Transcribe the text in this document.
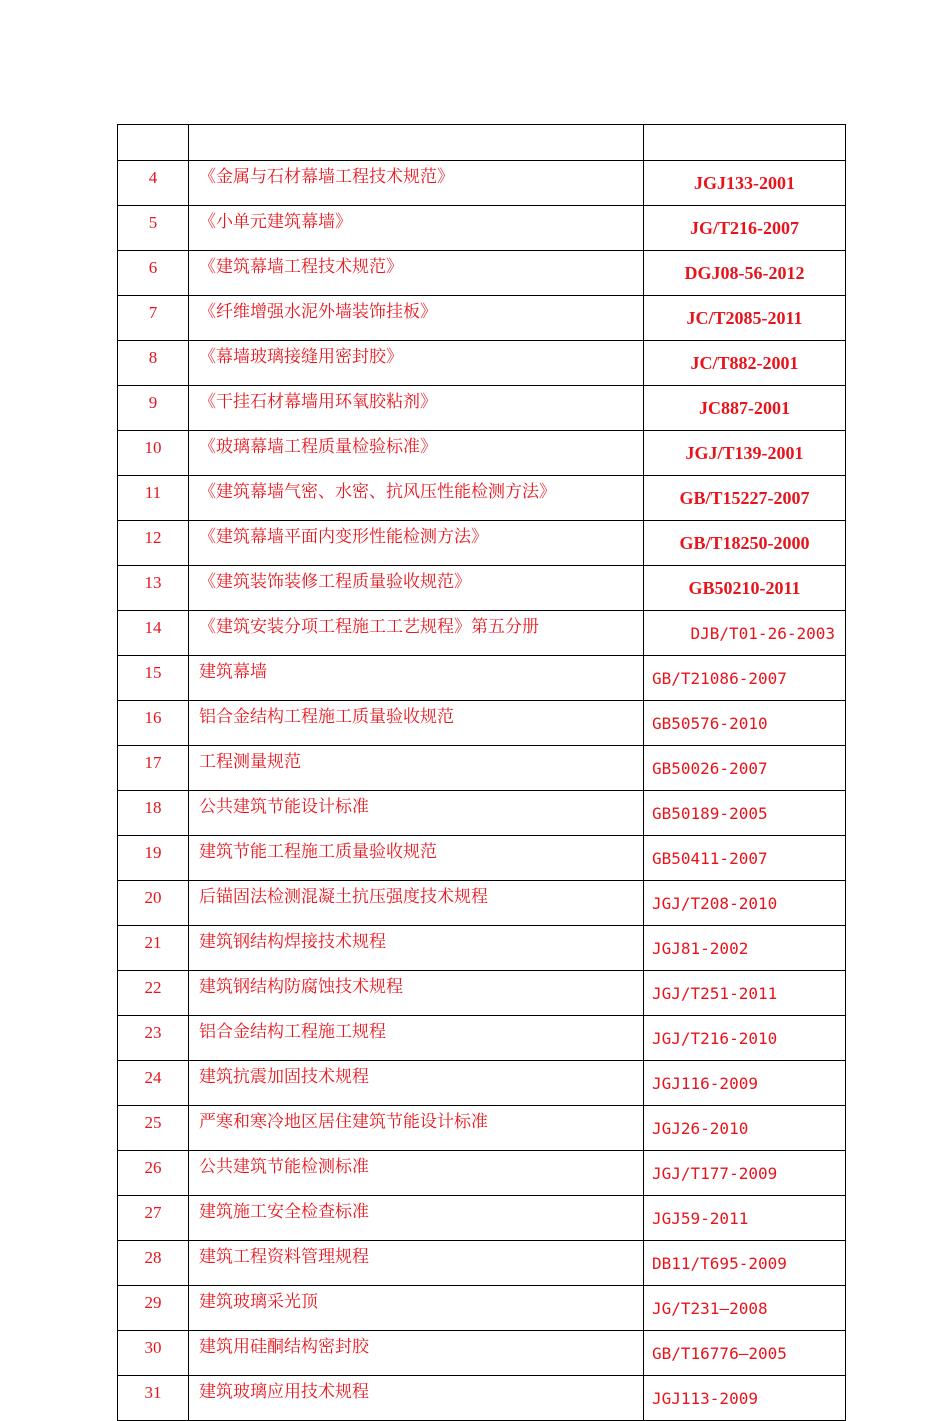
4	《金属与石材幕墙工程技术规范》	JGJ133-2001
5	《小单元建筑幕墙》	JG/T216-2007
6	《建筑幕墙工程技术规范》	DGJ08-56-2012
7	《纤维增强水泥外墙装饰挂板》	JC/T2085-2011
8	《幕墙玻璃接缝用密封胶》	JC/T882-2001
9	《干挂石材幕墙用环氧胶粘剂》	JC887-2001
10	《玻璃幕墙工程质量检验标准》	JGJ/T139-2001
11	《建筑幕墙气密、水密、抗风压性能检测方法》	GB/T15227-2007
12	《建筑幕墙平面内变形性能检测方法》	GB/T18250-2000
13	《建筑装饰装修工程质量验收规范》	GB50210-2011
14	《建筑安装分项工程施工工艺规程》第五分册	DJB/T01-26-2003
15	建筑幕墙	GB/T21086-2007
16	铝合金结构工程施工质量验收规范	GB50576-2010
17	工程测量规范	GB50026-2007
18	公共建筑节能设计标准	GB50189-2005
19	建筑节能工程施工质量验收规范	GB50411-2007
20	后锚固法检测混凝土抗压强度技术规程	JGJ/T208-2010
21	建筑钢结构焊接技术规程	JGJ81-2002
22	建筑钢结构防腐蚀技术规程	JGJ/T251-2011
23	铝合金结构工程施工规程	JGJ/T216-2010
24	建筑抗震加固技术规程	JGJ116-2009
25	严寒和寒冷地区居住建筑节能设计标准	JGJ26-2010
26	公共建筑节能检测标准	JGJ/T177-2009
27	建筑施工安全检查标准	JGJ59-2011
28	建筑工程资料管理规程	DB11/T695-2009
29	建筑玻璃采光顶	JG/T231—2008
30	建筑用硅酮结构密封胶	GB/T16776—2005
31	建筑玻璃应用技术规程	JGJ113-2009
